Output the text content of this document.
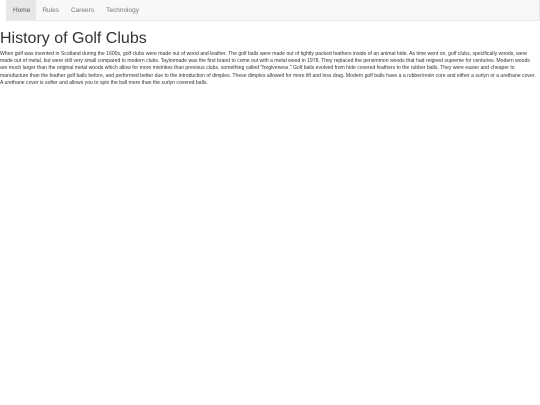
Home	Rules	Careers	Technology
History of Golf Clubs

When golf was invented in Scotland during the 1600s, golf clubs were made out of wood and leather. The golf balls were made out of tightly packed feathers inside of an animal hide. As time went on, golf clubs, specifically woods, were made out of metal, but were still very small compared to modern clubs. Taylormade was the first brand to come out with a metal wood in 1978. They replaced the persimmon woods that had reigned supreme for centuries. Modern woods are much larger than the original metal woods which allow for more mistrikes than previous clubs, something called "forgiveness." Golf balls evolved from hide covered feathers to the rubber balls. They were easier and cheaper to manufacture than the feather golf balls before, and performed better due to the introduction of dimples. These dimples allowed for more lift and less drag. Modern golf balls have a a rubber/resin core and either a surlyn or a urethane cover. A urethane cover is softer and allows you to spin the ball more than the surlyn covered balls.
